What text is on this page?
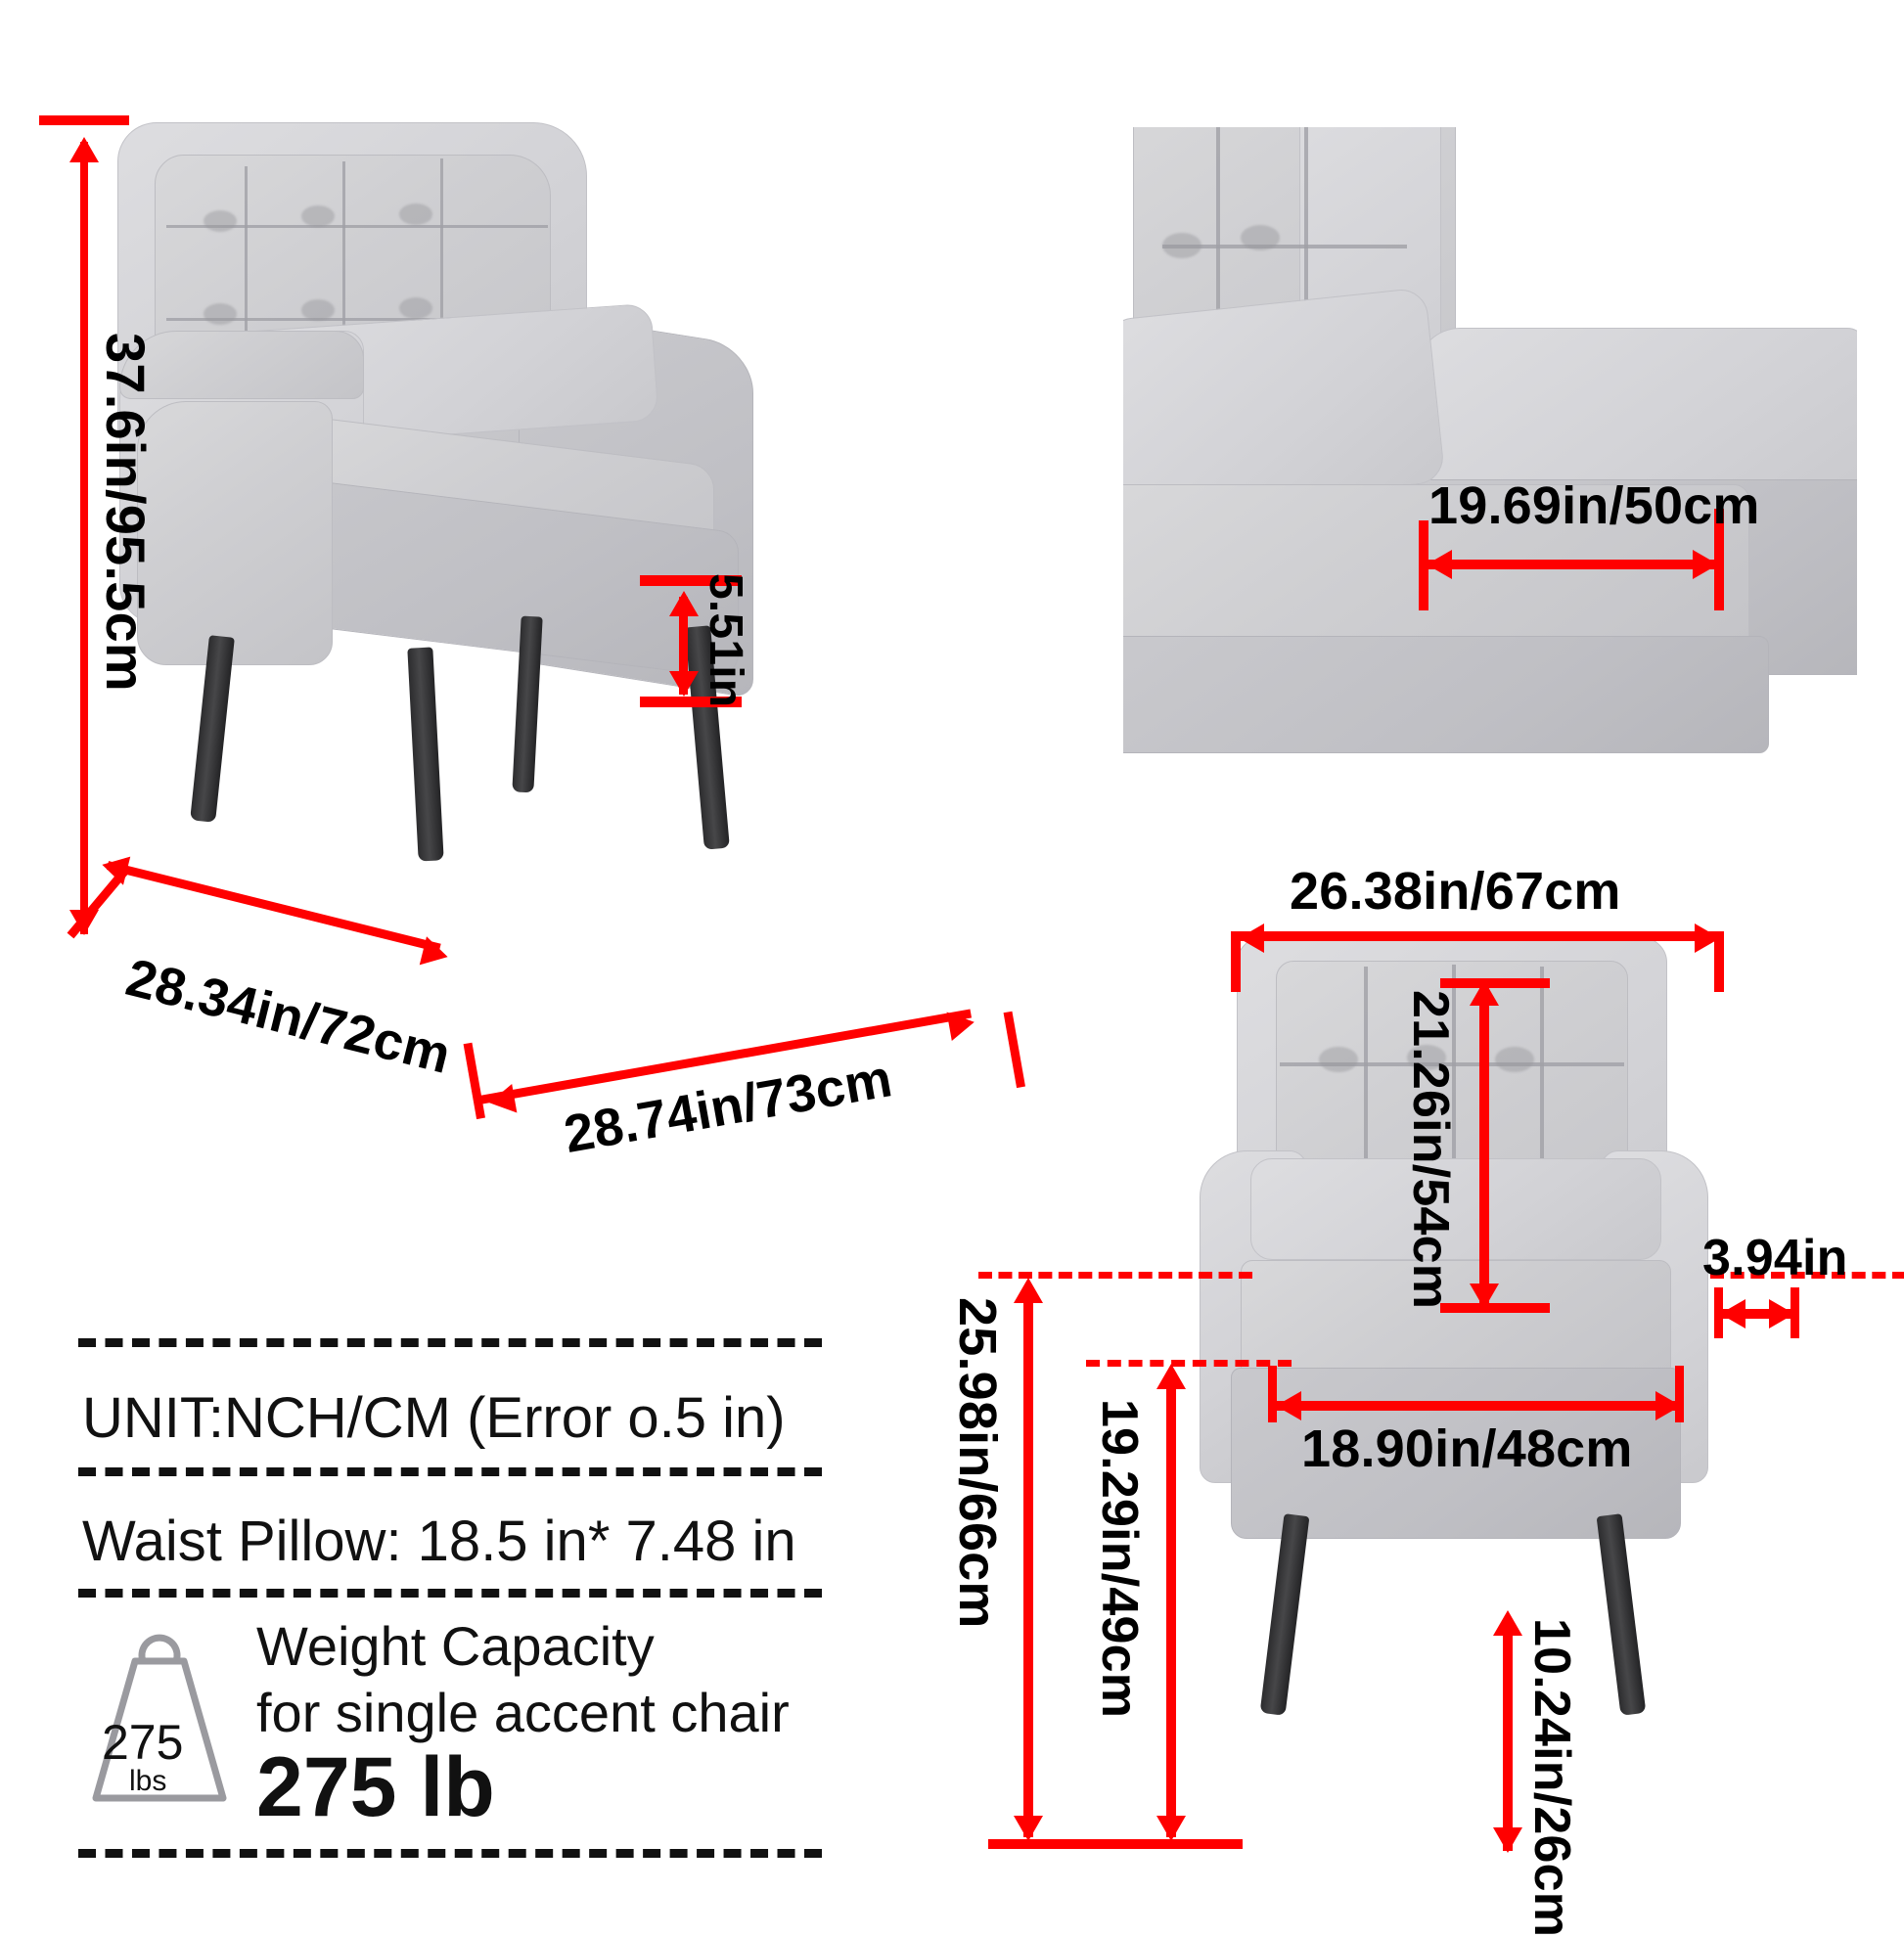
37.6in/95.5cm	5.51in
28.34in/72cm
28.74in/73cm
19.69in/50cm
26.38in/67cm
21.26in/54cm	3.94in
18.90in/48cm
25.98in/66cm 19.29in/49cm
10.24in/26cm
UNIT:NCH/CM (Error o.5 in)
Waist Pillow: 18.5 in* 7.48 in
275
lbs
Weight Capacity
for single accent chair
275 lb
